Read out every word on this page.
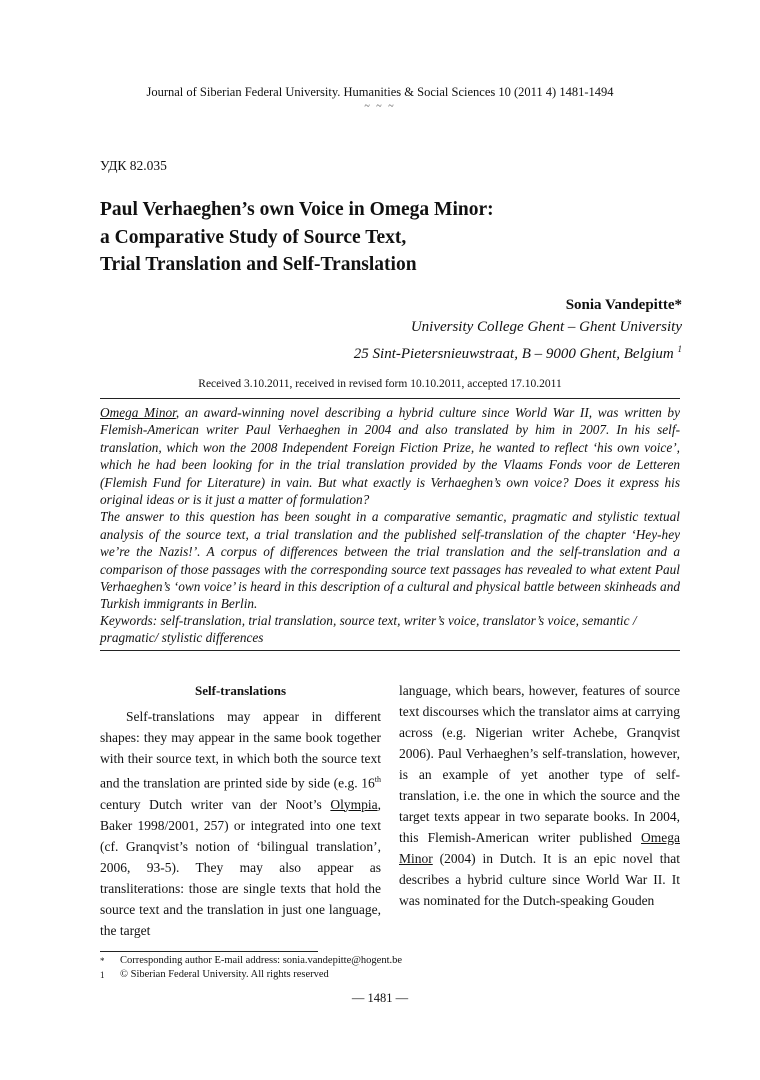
Journal of Siberian Federal University. Humanities & Social Sciences 10 (2011 4) 1481-1494
~ ~ ~
УДК 82.035
Paul Verhaeghen’s own Voice in Omega Minor:
a Comparative Study of Source Text,
Trial Translation and Self-Translation
Sonia Vandepitte*
University College Ghent – Ghent University
25 Sint-Pietersnieuwstraat, B – 9000 Ghent, Belgium $^1$
Received 3.10.2011, received in revised form 10.10.2011, accepted 17.10.2011

Omega Minor, an award-winning novel describing a hybrid culture since World War II, was written by Flemish-American writer Paul Verhaeghen in 2004 and also translated by him in 2007. In his self-translation, which won the 2008 Independent Foreign Fiction Prize, he wanted to reflect ‘his own voice’, which he had been looking for in the trial translation provided by the Vlaams Fonds voor de Letteren (Flemish Fund for Literature) in vain. But what exactly is Verhaeghen’s own voice? Does it express his original ideas or is it just a matter of formulation?

The answer to this question has been sought in a comparative semantic, pragmatic and stylistic textual analysis of the source text, a trial translation and the published self-translation of the chapter ‘Hey-hey we’re the Nazis!’. A corpus of differences between the trial translation and the self-translation and a comparison of those passages with the corresponding source text passages has revealed to what extent Paul Verhaeghen’s ‘own voice’ is heard in this description of a cultural and physical battle between skinheads and Turkish immigrants in Berlin.

Keywords: self-translation, trial translation, source text, writer’s voice, translator’s voice, semantic / pragmatic/ stylistic differences

Self-translations

Self-translations may appear in different shapes: they may appear in the same book together with their source text, in which both the source text and the translation are printed side by side (e.g. 16th century Dutch writer van der Noot’s Olympia, Baker 1998/2001, 257) or integrated into one text (cf. Granqvist’s notion of ‘bilingual translation’, 2006, 93-5). They may also appear as transliterations: those are single texts that hold the source text and the translation in just one language, the target

language, which bears, however, features of source text discourses which the translator aims at carrying across (e.g. Nigerian writer Achebe, Granqvist 2006). Paul Verhaeghen’s self-translation, however, is an example of yet another type of self-translation, i.e. the one in which the source and the target texts appear in two separate books. In 2004, this Flemish-American writer published Omega Minor (2004) in Dutch. It is an epic novel that describes a hybrid culture since World War II. It was nominated for the Dutch-speaking Gouden

* Corresponding author E-mail address: sonia.vandepitte@hogent.be
1 © Siberian Federal University. All rights reserved
— 1481 —
